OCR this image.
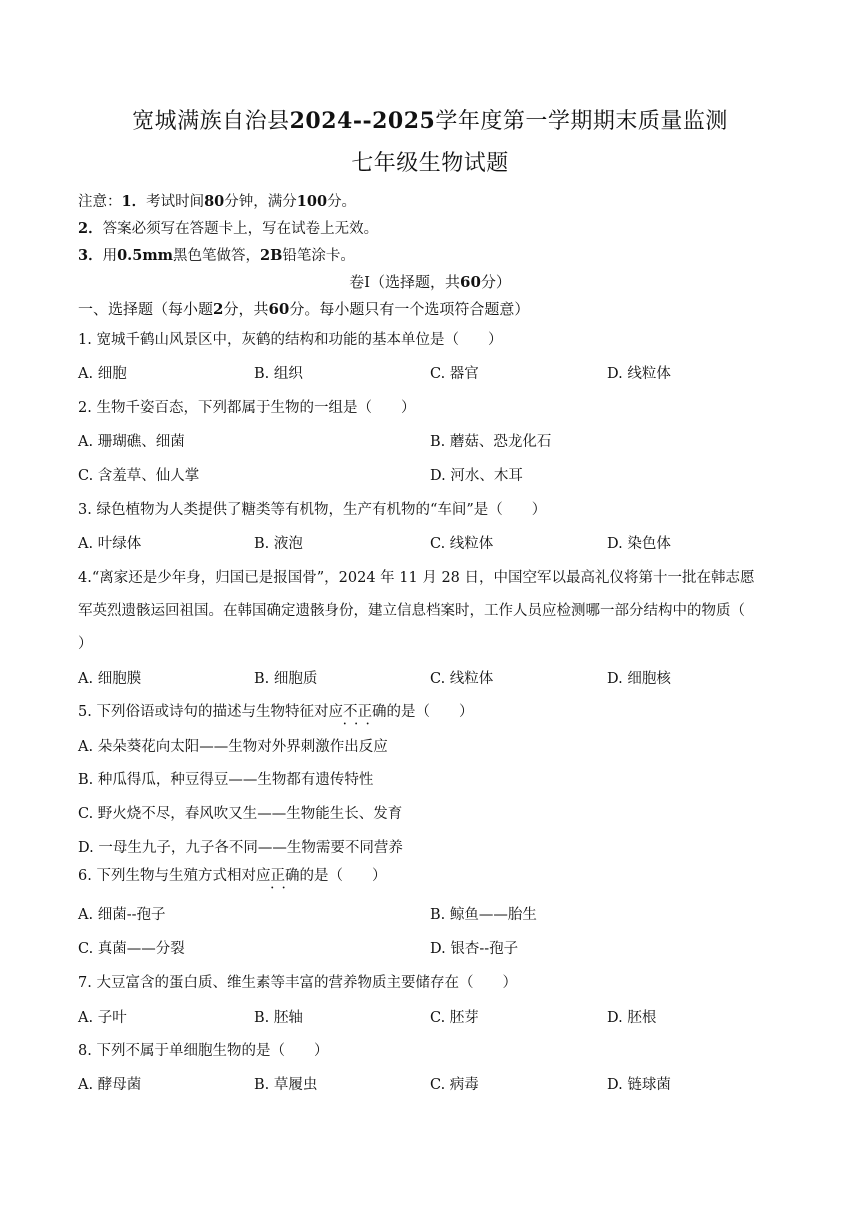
宽城满族自治县2024--2025学年度第一学期期末质量监测
七年级生物试题
注意：1．考试时间80分钟，满分100分。
2．答案必须写在答题卡上，写在试卷上无效。
3．用0.5mm黑色笔做答，2B铅笔涂卡。
卷Ⅰ（选择题，共60分）
一、选择题（每小题2分，共60分。每小题只有一个选项符合题意）
1. 宽城千鹤山风景区中，灰鹤的结构和功能的基本单位是（　　）
A. 细胞	B. 组织	C. 器官	D. 线粒体
2. 生物千姿百态，下列都属于生物的一组是（　　）
A. 珊瑚礁、细菌	B. 蘑菇、恐龙化石
C. 含羞草、仙人掌	D. 河水、木耳
3. 绿色植物为人类提供了糖类等有机物，生产有机物的“车间”是（　　）
A. 叶绿体	B. 液泡	C. 线粒体	D. 染色体
4.“离家还是少年身，归国已是报国骨”，2024 年 11 月 28 日，中国空军以最高礼仪将第十一批在韩志愿
军英烈遗骸运回祖国。在韩国确定遗骸身份，建立信息档案时，工作人员应检测哪一部分结构中的物质（
）
A. 细胞膜	B. 细胞质	C. 线粒体	D. 细胞核
5. 下列俗语或诗句的描述与生物特征对应不正确 • • •的是（　　）
A. 朵朵葵花向太阳——生物对外界刺激作出反应
B. 种瓜得瓜，种豆得豆——生物都有遗传特性
C. 野火烧不尽，春风吹又生——生物能生长、发育
D. 一母生九子，九子各不同——生物需要不同营养
6. 下列生物与生殖方式相对应正确 • •的是（　　）
A. 细菌--孢子	B. 鲸鱼——胎生
C. 真菌——分裂	D. 银杏--孢子
7. 大豆富含的蛋白质、维生素等丰富的营养物质主要储存在（　　）
A. 子叶	B. 胚轴	C. 胚芽	D. 胚根
8. 下列不属于单细胞生物的是（　　）
A. 酵母菌	B. 草履虫	C. 病毒	D. 链球菌
